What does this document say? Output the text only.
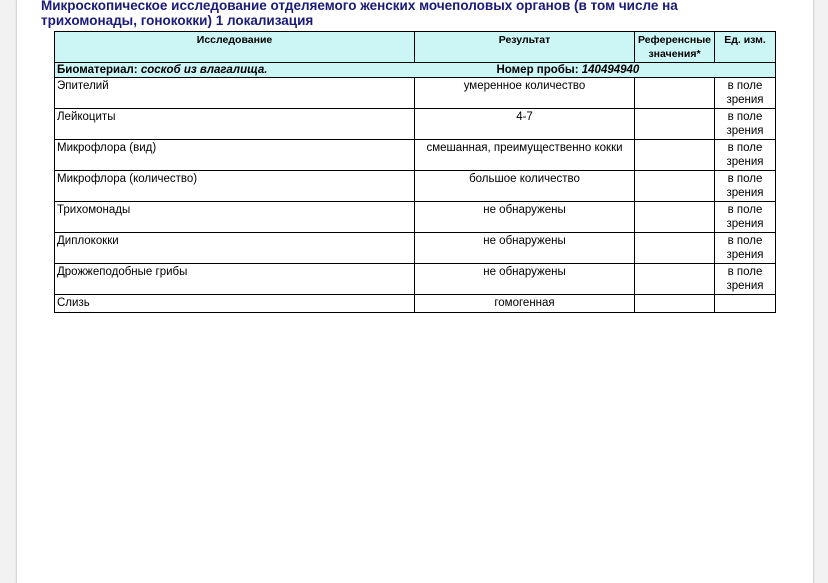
Микроскопическое исследование отделяемого женских мочеполовых органов (в том числе на трихомонады, гонококки) 1 локализация

Исследование	Результат	Референсные значения*	Ед. изм.
Биоматериал: соскоб из влагалища.	Номер пробы: 140494940		
Эпителий	умеренное количество		в поле зрения
Лейкоциты	4-7		в поле зрения
Микрофлора (вид)	смешанная, преимущественно кокки		в поле зрения
Микрофлора (количество)	большое количество		в поле зрения
Трихомонады	не обнаружены		в поле зрения
Диплококки	не обнаружены		в поле зрения
Дрожжеподобные грибы	не обнаружены		в поле зрения
Слизь	гомогенная		
